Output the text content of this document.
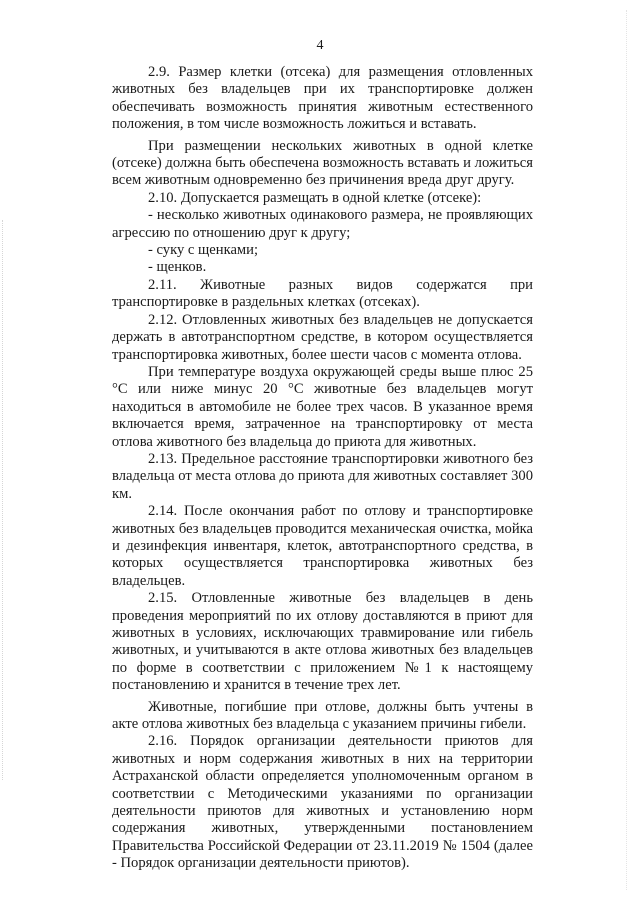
4

2.9. Размер клетки (отсека) для размещения отловленных животных без владельцев при их транспортировке должен обеспечивать возможность принятия животным естественного положения, в том числе возможность ложиться и вставать.

При размещении нескольких животных в одной клетке (отсеке) должна быть обеспечена возможность вставать и ложиться всем животным одновременно без причинения вреда друг другу.

2.10. Допускается размещать в одной клетке (отсеке):

- несколько животных одинакового размера, не проявляющих агрессию по отношению друг к другу;

- суку с щенками;

- щенков.

2.11. Животные разных видов содержатся при транспортировке в раздельных клетках (отсеках).

2.12. Отловленных животных без владельцев не допускается держать в автотранспортном средстве, в котором осуществляется транспортировка животных, более шести часов с момента отлова.

При температуре воздуха окружающей среды выше плюс 25 °С или ниже минус 20 °С животные без владельцев могут находиться в автомобиле не более трех часов. В указанное время включается время, затраченное на транспортировку от места отлова животного без владельца до приюта для животных.

2.13. Предельное расстояние транспортировки животного без владельца от места отлова до приюта для животных составляет 300 км.

2.14. После окончания работ по отлову и транспортировке животных без владельцев проводится механическая очистка, мойка и дезинфекция инвентаря, клеток, автотранспортного средства, в которых осуществляется транспортировка животных без владельцев.

2.15. Отловленные животные без владельцев в день проведения мероприятий по их отлову доставляются в приют для животных в условиях, исключающих травмирование или гибель животных, и учитываются в акте отлова животных без владельцев по форме в соответствии с приложением №1 к настоящему постановлению и хранится в течение трех лет.

Животные, погибшие при отлове, должны быть учтены в акте отлова животных без владельца с указанием причины гибели.

2.16. Порядок организации деятельности приютов для животных и норм содержания животных в них на территории Астраханской области определяется уполномоченным органом в соответствии с Методическими указаниями по организации деятельности приютов для животных и установлению норм содержания животных, утвержденными постановлением Правительства Российской Федерации от 23.11.2019 № 1504 (далее - Порядок организации деятельности приютов).
